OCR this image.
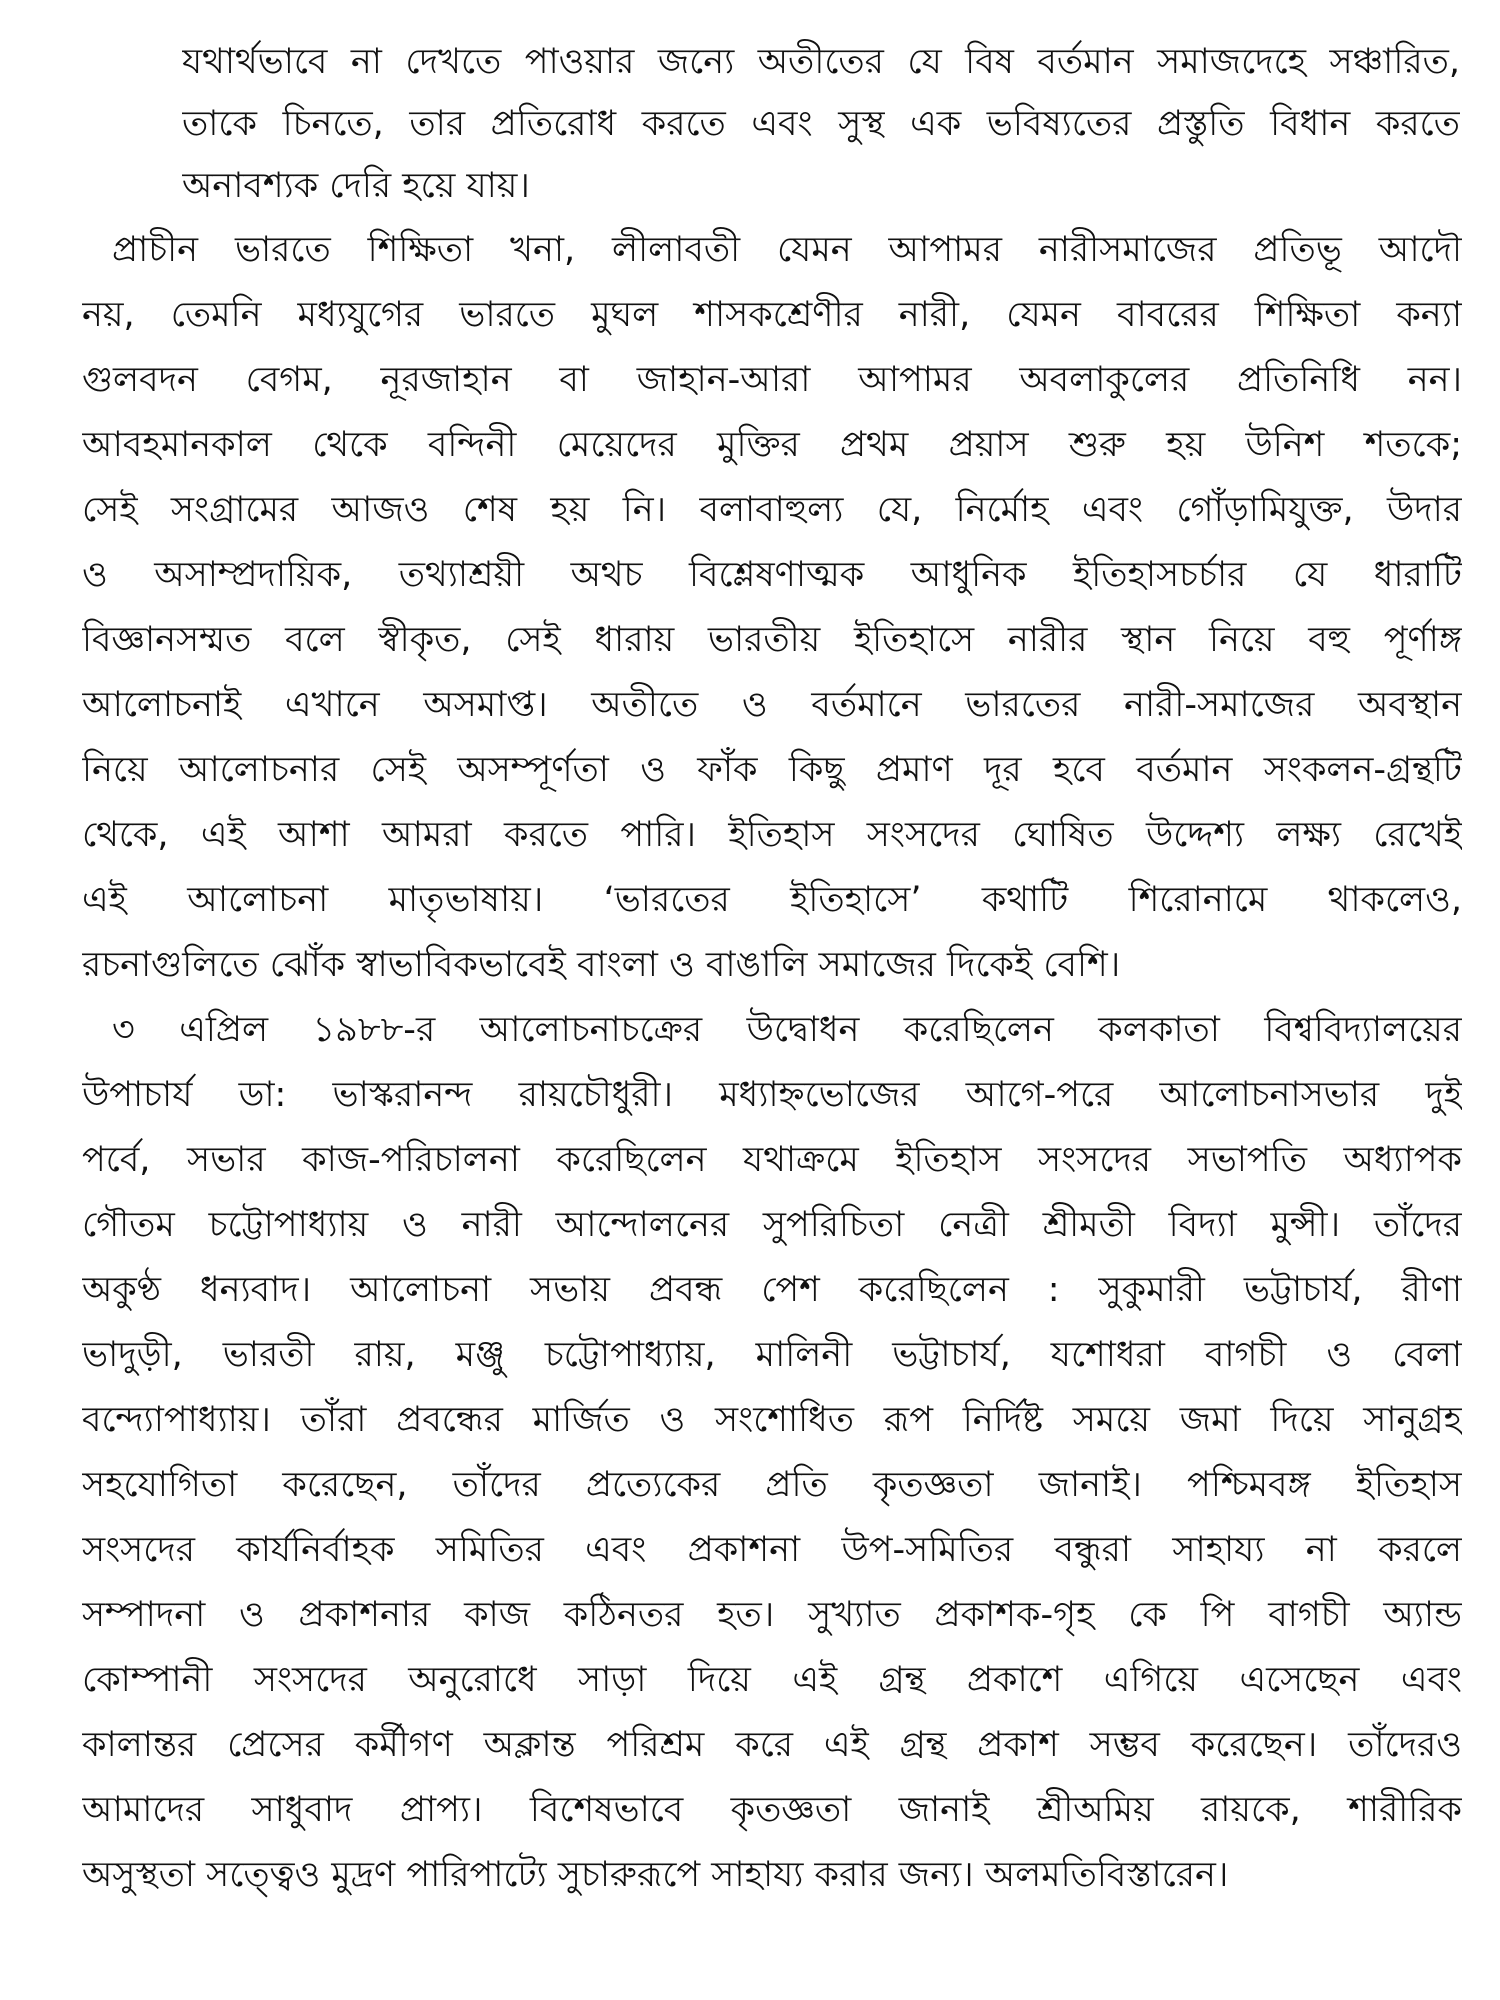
যথার্থভাবে না দেখতে পাওয়ার জন্যে অতীতের যে বিষ বর্তমান সমাজদেহে সঞ্চারিত,
তাকে চিনতে, তার প্রতিরোধ করতে এবং সুস্থ এক ভবিষ্যতের প্রস্তুতি বিধান করতে
অনাবশ্যক দেরি হয়ে যায়।
প্রাচীন ভারতে শিক্ষিতা খনা, লীলাবতী যেমন আপামর নারীসমাজের প্রতিভূ আদৌ
নয়, তেমনি মধ্যযুগের ভারতে মুঘল শাসকশ্রেণীর নারী, যেমন বাবরের শিক্ষিতা কন্যা
গুলবদন বেগম, নূরজাহান বা জাহান-আরা আপামর অবলাকুলের প্রতিনিধি নন।
আবহমানকাল থেকে বন্দিনী মেয়েদের মুক্তির প্রথম প্রয়াস শুরু হয় উনিশ শতকে;
সেই সংগ্রামের আজও শেষ হয় নি। বলাবাহুল্য যে, নির্মোহ এবং গোঁড়ামিযুক্ত, উদার
ও অসাম্প্রদায়িক, তথ্যাশ্রয়ী অথচ বিশ্লেষণাত্মক আধুনিক ইতিহাসচর্চার যে ধারাটি
বিজ্ঞানসম্মত বলে স্বীকৃত, সেই ধারায় ভারতীয় ইতিহাসে নারীর স্থান নিয়ে বহু পূর্ণাঙ্গ
আলোচনাই এখানে অসমাপ্ত। অতীতে ও বর্তমানে ভারতের নারী-সমাজের অবস্থান
নিয়ে আলোচনার সেই অসম্পূর্ণতা ও ফাঁক কিছু প্রমাণ দূর হবে বর্তমান সংকলন-গ্রন্থটি
থেকে, এই আশা আমরা করতে পারি। ইতিহাস সংসদের ঘোষিত উদ্দেশ্য লক্ষ্য রেখেই
এই আলোচনা মাতৃভাষায়। ‘ভারতের ইতিহাসে’ কথাটি শিরোনামে থাকলেও,
রচনাগুলিতে ঝোঁক স্বাভাবিকভাবেই বাংলা ও বাঙালি সমাজের দিকেই বেশি।
৩ এপ্রিল ১৯৮৮-র আলোচনাচক্রের উদ্বোধন করেছিলেন কলকাতা বিশ্ববিদ্যালয়ের
উপাচার্য ডা: ভাস্করানন্দ রায়চৌধুরী। মধ্যাহ্নভোজের আগে-পরে আলোচনাসভার দুই
পর্বে, সভার কাজ-পরিচালনা করেছিলেন যথাক্রমে ইতিহাস সংসদের সভাপতি অধ্যাপক
গৌতম চট্টোপাধ্যায় ও নারী আন্দোলনের সুপরিচিতা নেত্রী শ্রীমতী বিদ্যা মুন্সী। তাঁদের
অকুণ্ঠ ধন্যবাদ। আলোচনা সভায় প্রবন্ধ পেশ করেছিলেন : সুকুমারী ভট্টাচার্য, রীণা
ভাদুড়ী, ভারতী রায়, মঞ্জু চট্টোপাধ্যায়, মালিনী ভট্টাচার্য, যশোধরা বাগচী ও বেলা
বন্দ্যোপাধ্যায়। তাঁরা প্রবন্ধের মার্জিত ও সংশোধিত রূপ নির্দিষ্ট সময়ে জমা দিয়ে সানুগ্রহ
সহযোগিতা করেছেন, তাঁদের প্রত্যেকের প্রতি কৃতজ্ঞতা জানাই। পশ্চিমবঙ্গ ইতিহাস
সংসদের কার্যনির্বাহক সমিতির এবং প্রকাশনা উপ-সমিতির বন্ধুরা সাহায্য না করলে
সম্পাদনা ও প্রকাশনার কাজ কঠিনতর হত। সুখ্যাত প্রকাশক-গৃহ কে পি বাগচী অ্যান্ড
কোম্পানী সংসদের অনুরোধে সাড়া দিয়ে এই গ্রন্থ প্রকাশে এগিয়ে এসেছেন এবং
কালান্তর প্রেসের কর্মীগণ অক্লান্ত পরিশ্রম করে এই গ্রন্থ প্রকাশ সম্ভব করেছেন। তাঁদেরও
আমাদের সাধুবাদ প্রাপ্য। বিশেষভাবে কৃতজ্ঞতা জানাই শ্রীঅমিয় রায়কে, শারীরিক
অসুস্থতা সত্ত্বেও মুদ্রণ পারিপাট্যে সুচারুরূপে সাহায্য করার জন্য। অলমতিবিস্তারেন।
